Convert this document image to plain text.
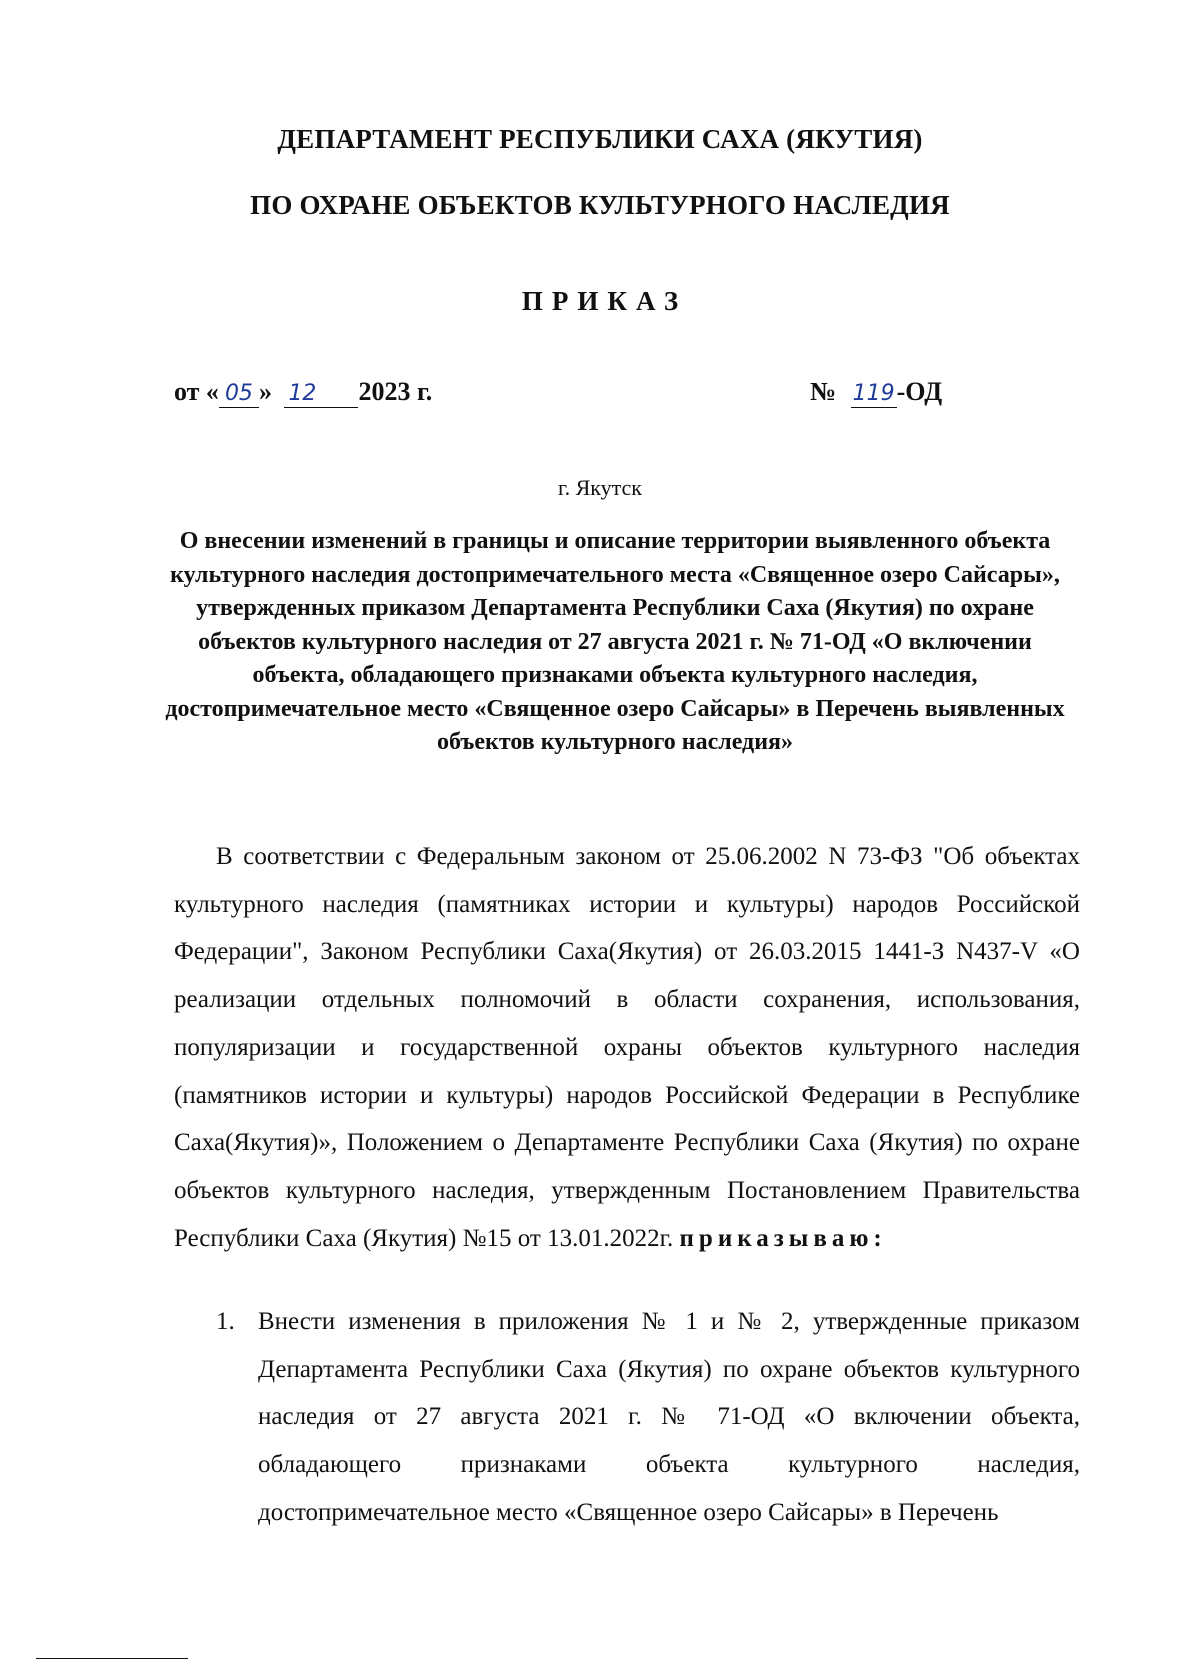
ДЕПАРТАМЕНТ РЕСПУБЛИКИ САХА (ЯКУТИЯ)
ПО ОХРАНЕ ОБЪЕКТОВ КУЛЬТУРНОГО НАСЛЕДИЯ
ПРИКАЗ
от « 05 » 12 2023 г.	№ 119-ОД
г. Якутск
О внесении изменений в границы и описание территории выявленного объекта культурного наследия достопримечательного места «Священное озеро Сайсары», утвержденных приказом Департамента Республики Саха (Якутия) по охране объектов культурного наследия от 27 августа 2021 г. № 71-ОД «О включении объекта, обладающего признаками объекта культурного наследия, достопримечательное место «Священное озеро Сайсары» в Перечень выявленных объектов культурного наследия»
В соответствии с Федеральным законом от 25.06.2002 N 73-ФЗ "Об объектах культурного наследия (памятниках истории и культуры) народов Российской Федерации", Законом Республики Саха(Якутия) от 26.03.2015 1441-З N437-V «О реализации отдельных полномочий в области сохранения, использования, популяризации и государственной охраны объектов культурного наследия (памятников истории и культуры) народов Российской Федерации в Республике Саха(Якутия)», Положением о Департаменте Республики Саха (Якутия) по охране объектов культурного наследия, утвержденным Постановлением Правительства Республики Саха (Якутия) №15 от 13.01.2022г. приказываю:
1. Внести изменения в приложения № 1 и № 2, утвержденные приказом Департамента Республики Саха (Якутия) по охране объектов культурного наследия от 27 августа 2021 г. № 71-ОД «О включении объекта, обладающего признаками объекта культурного наследия, достопримечательное место «Священное озеро Сайсары» в Перечень
